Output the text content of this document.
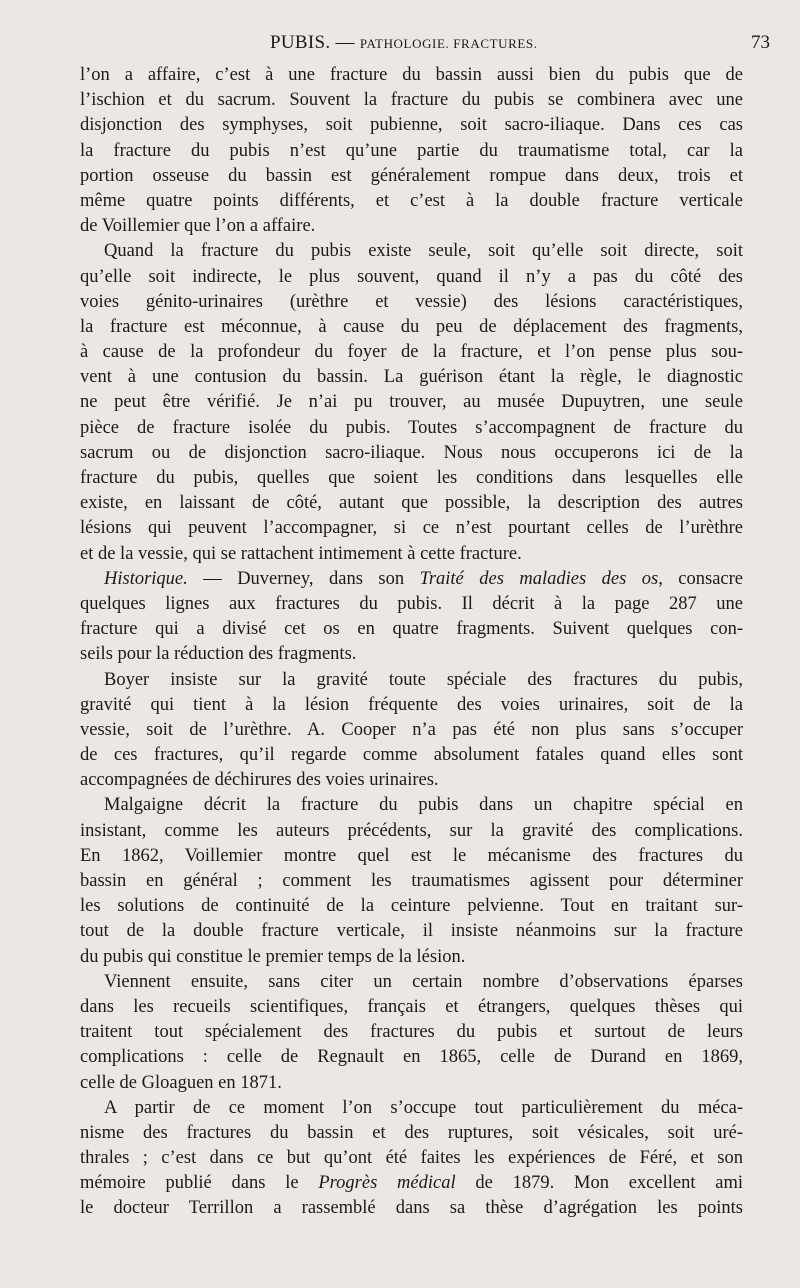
PUBIS. — PATHOLOGIE. FRACTURES.	73
l’on a affaire, c’est à une fracture du bassin aussi bien du pubis que de
l’ischion et du sacrum. Souvent la fracture du pubis se combinera avec une
disjonction des symphyses, soit pubienne, soit sacro-iliaque. Dans ces cas
la fracture du pubis n’est qu’une partie du traumatisme total, car la
portion osseuse du bassin est généralement rompue dans deux, trois et
même quatre points différents, et c’est à la double fracture verticale
de Voillemier que l’on a affaire.
Quand la fracture du pubis existe seule, soit qu’elle soit directe, soit
qu’elle soit indirecte, le plus souvent, quand il n’y a pas du côté des
voies génito-urinaires (urèthre et vessie) des lésions caractéristiques,
la fracture est méconnue, à cause du peu de déplacement des fragments,
à cause de la profondeur du foyer de la fracture, et l’on pense plus sou-
vent à une contusion du bassin. La guérison étant la règle, le diagnostic
ne peut être vérifié. Je n’ai pu trouver, au musée Dupuytren, une seule
pièce de fracture isolée du pubis. Toutes s’accompagnent de fracture du
sacrum ou de disjonction sacro-iliaque. Nous nous occuperons ici de la
fracture du pubis, quelles que soient les conditions dans lesquelles elle
existe, en laissant de côté, autant que possible, la description des autres
lésions qui peuvent l’accompagner, si ce n’est pourtant celles de l’urèthre
et de la vessie, qui se rattachent intimement à cette fracture.
Historique. — Duverney, dans son Traité des maladies des os, consacre
quelques lignes aux fractures du pubis. Il décrit à la page 287 une
fracture qui a divisé cet os en quatre fragments. Suivent quelques con-
seils pour la réduction des fragments.
Boyer insiste sur la gravité toute spéciale des fractures du pubis,
gravité qui tient à la lésion fréquente des voies urinaires, soit de la
vessie, soit de l’urèthre. A. Cooper n’a pas été non plus sans s’occuper
de ces fractures, qu’il regarde comme absolument fatales quand elles sont
accompagnées de déchirures des voies urinaires.
Malgaigne décrit la fracture du pubis dans un chapitre spécial en
insistant, comme les auteurs précédents, sur la gravité des complications.
En 1862, Voillemier montre quel est le mécanisme des fractures du
bassin en général ; comment les traumatismes agissent pour déterminer
les solutions de continuité de la ceinture pelvienne. Tout en traitant sur-
tout de la double fracture verticale, il insiste néanmoins sur la fracture
du pubis qui constitue le premier temps de la lésion.
Viennent ensuite, sans citer un certain nombre d’observations éparses
dans les recueils scientifiques, français et étrangers, quelques thèses qui
traitent tout spécialement des fractures du pubis et surtout de leurs
complications : celle de Regnault en 1865, celle de Durand en 1869,
celle de Gloaguen en 1871.
A partir de ce moment l’on s’occupe tout particulièrement du méca-
nisme des fractures du bassin et des ruptures, soit vésicales, soit uré-
thrales ; c’est dans ce but qu’ont été faites les expériences de Féré, et son
mémoire publié dans le Progrès médical de 1879. Mon excellent ami
le docteur Terrillon a rassemblé dans sa thèse d’agrégation les points
